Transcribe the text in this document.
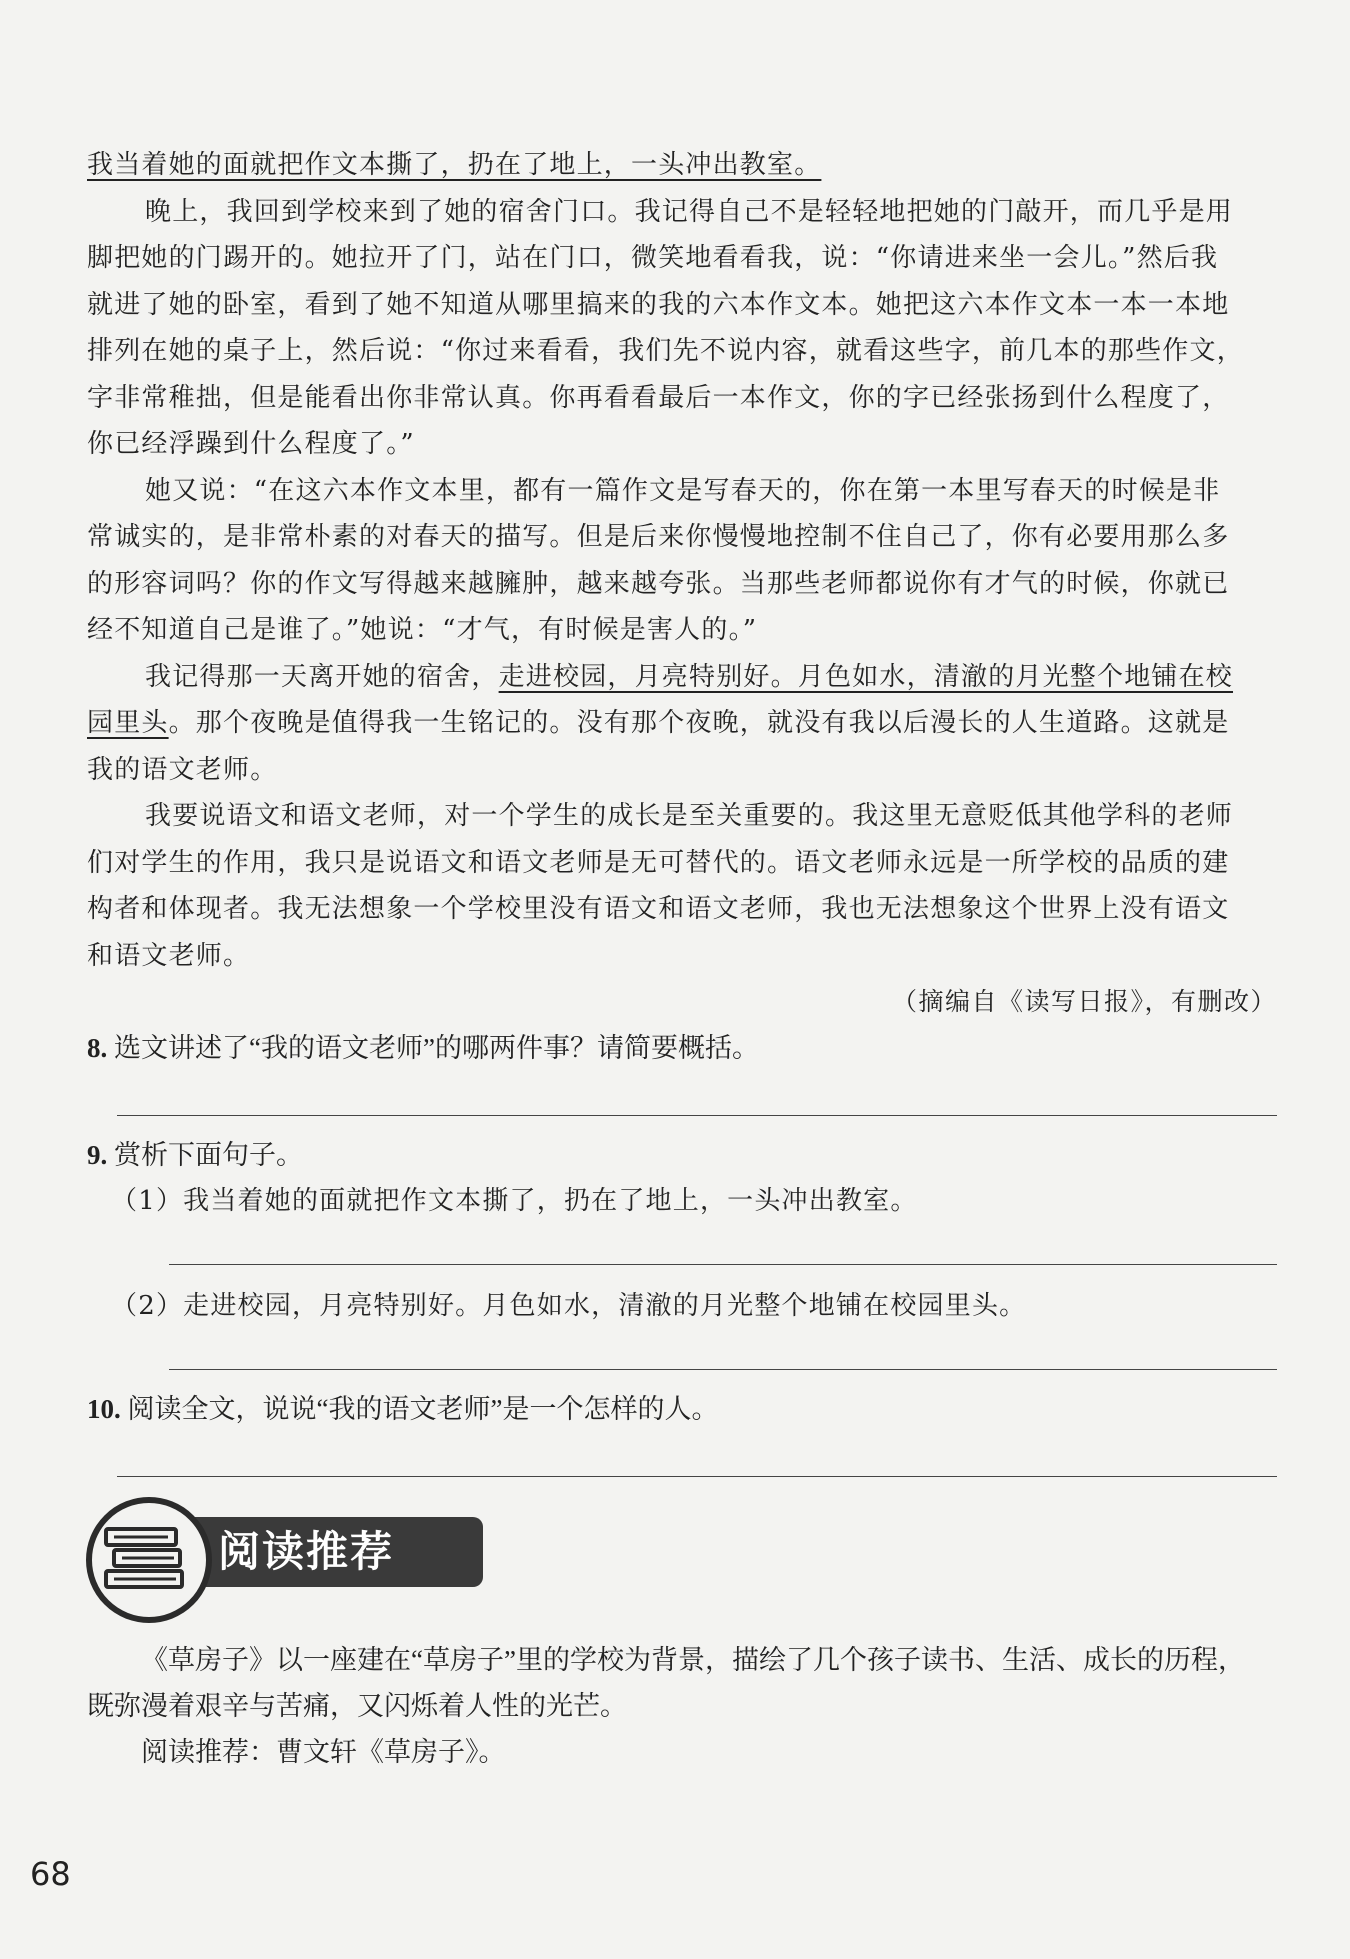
我当着她的面就把作文本撕了，扔在了地上，一头冲出教室。

晚上，我回到学校来到了她的宿舍门口。我记得自己不是轻轻地把她的门敲开，而几乎是用

脚把她的门踢开的。她拉开了门，站在门口，微笑地看看我，说：“你请进来坐一会儿。”然后我

就进了她的卧室，看到了她不知道从哪里搞来的我的六本作文本。她把这六本作文本一本一本地

排列在她的桌子上，然后说：“你过来看看，我们先不说内容，就看这些字，前几本的那些作文，

字非常稚拙，但是能看出你非常认真。你再看看最后一本作文，你的字已经张扬到什么程度了，

你已经浮躁到什么程度了。”

她又说：“在这六本作文本里，都有一篇作文是写春天的，你在第一本里写春天的时候是非

常诚实的，是非常朴素的对春天的描写。但是后来你慢慢地控制不住自己了，你有必要用那么多

的形容词吗？你的作文写得越来越臃肿，越来越夸张。当那些老师都说你有才气的时候，你就已

经不知道自己是谁了。”她说：“才气，有时候是害人的。”

我记得那一天离开她的宿舍，走进校园，月亮特别好。月色如水，清澈的月光整个地铺在校

园里头。那个夜晚是值得我一生铭记的。没有那个夜晚，就没有我以后漫长的人生道路。这就是

我的语文老师。

我要说语文和语文老师，对一个学生的成长是至关重要的。我这里无意贬低其他学科的老师

们对学生的作用，我只是说语文和语文老师是无可替代的。语文老师永远是一所学校的品质的建

构者和体现者。我无法想象一个学校里没有语文和语文老师，我也无法想象这个世界上没有语文

和语文老师。

（摘编自《读写日报》，有删改）

8. 选文讲述了“我的语文老师”的哪两件事？请简要概括。

9. 赏析下面句子。

（1）我当着她的面就把作文本撕了，扔在了地上，一头冲出教室。

（2）走进校园，月亮特别好。月色如水，清澈的月光整个地铺在校园里头。

10. 阅读全文，说说“我的语文老师”是一个怎样的人。

阅读推荐

《草房子》以一座建在“草房子”里的学校为背景，描绘了几个孩子读书、生活、成长的历程，

既弥漫着艰辛与苦痛，又闪烁着人性的光芒。

阅读推荐：曹文轩《草房子》。

68
